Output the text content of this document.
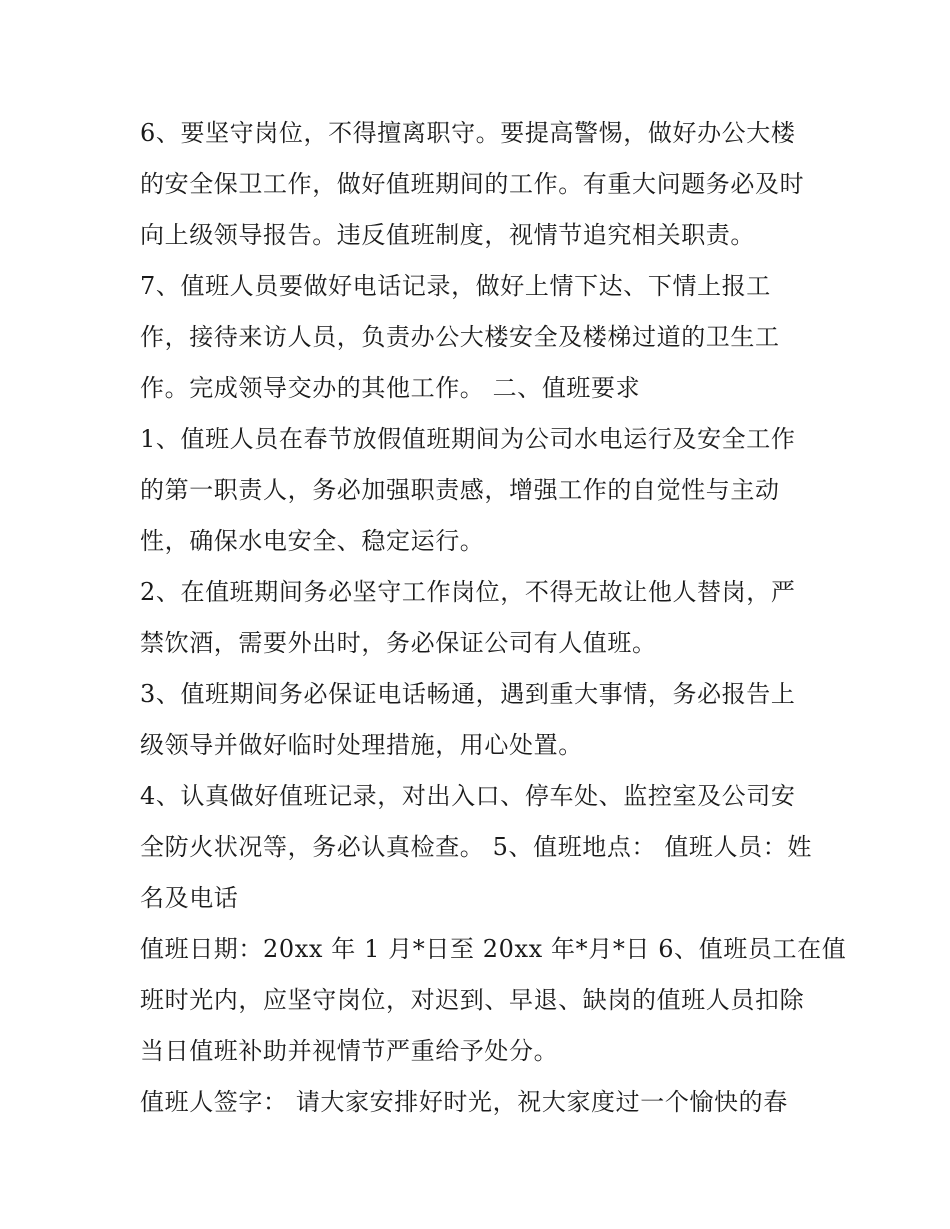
6、要坚守岗位，不得擅离职守。要提高警惕，做好办公大楼
的安全保卫工作，做好值班期间的工作。有重大问题务必及时
向上级领导报告。违反值班制度，视情节追究相关职责。
7、值班人员要做好电话记录，做好上情下达、下情上报工
作，接待来访人员，负责办公大楼安全及楼梯过道的卫生工
作。完成领导交办的其他工作。 二、值班要求
1、值班人员在春节放假值班期间为公司水电运行及安全工作
的第一职责人，务必加强职责感，增强工作的自觉性与主动
性，确保水电安全、稳定运行。
2、在值班期间务必坚守工作岗位，不得无故让他人替岗，严
禁饮酒，需要外出时，务必保证公司有人值班。
3、值班期间务必保证电话畅通，遇到重大事情，务必报告上
级领导并做好临时处理措施，用心处置。
4、认真做好值班记录，对出入口、停车处、监控室及公司安
全防火状况等，务必认真检查。 5、值班地点： 值班人员：姓
名及电话
值班日期：20xx 年 1 月*日至 20xx 年*月*日 6、值班员工在值
班时光内，应坚守岗位，对迟到、早退、缺岗的值班人员扣除
当日值班补助并视情节严重给予处分。
值班人签字： 请大家安排好时光，祝大家度过一个愉快的春
